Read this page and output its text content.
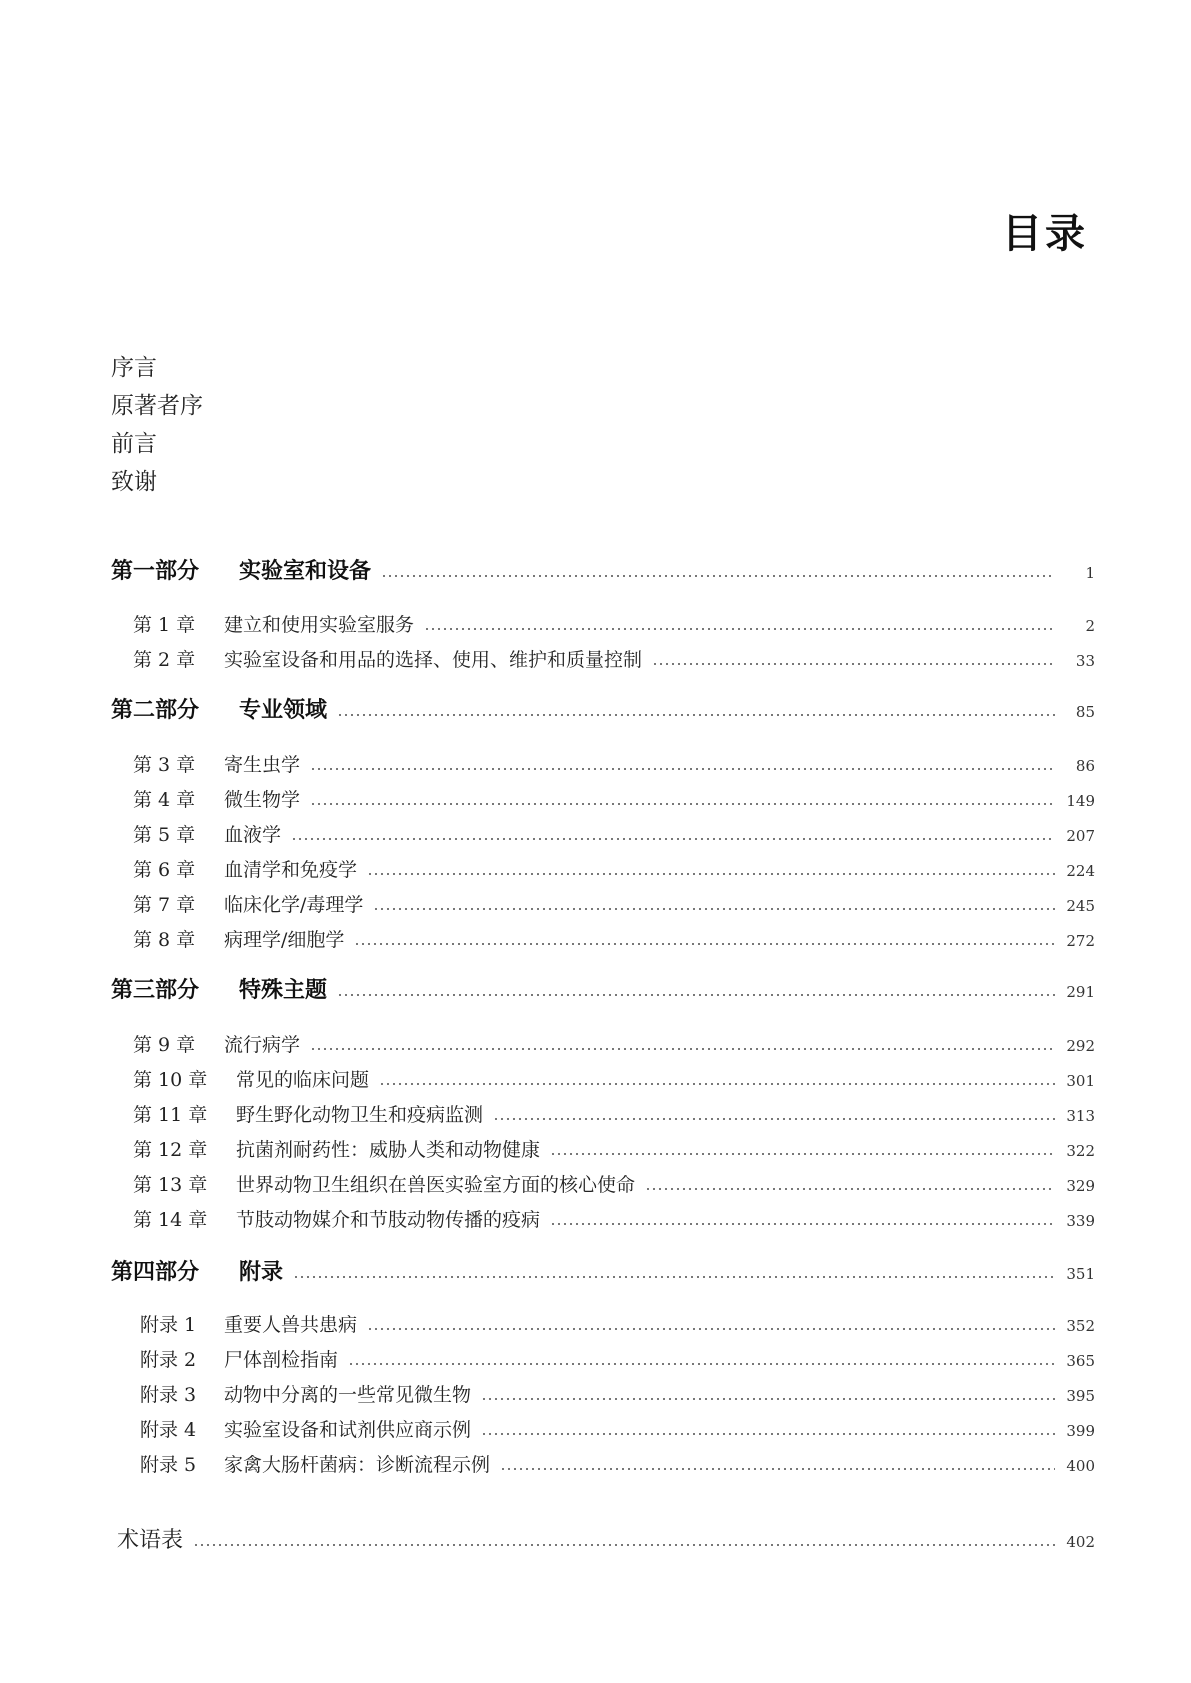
目录
序言
原著者序
前言
致谢
第一部分	实验室和设备	1
第 1 章	建立和使用实验室服务	2
第 2 章	实验室设备和用品的选择、使用、维护和质量控制	33
第二部分	专业领域	85
第 3 章	寄生虫学	86
第 4 章	微生物学	149
第 5 章	血液学	207
第 6 章	血清学和免疫学	224
第 7 章	临床化学/毒理学	245
第 8 章	病理学/细胞学	272
第三部分	特殊主题	291
第 9 章	流行病学	292
第 10 章	常见的临床问题	301
第 11 章	野生野化动物卫生和疫病监测	313
第 12 章	抗菌剂耐药性：威胁人类和动物健康	322
第 13 章	世界动物卫生组织在兽医实验室方面的核心使命	329
第 14 章	节肢动物媒介和节肢动物传播的疫病	339
第四部分	附录	351
附录 1	重要人兽共患病	352
附录 2	尸体剖检指南	365
附录 3	动物中分离的一些常见微生物	395
附录 4	实验室设备和试剂供应商示例	399
附录 5	家禽大肠杆菌病：诊断流程示例	400
术语表	402
